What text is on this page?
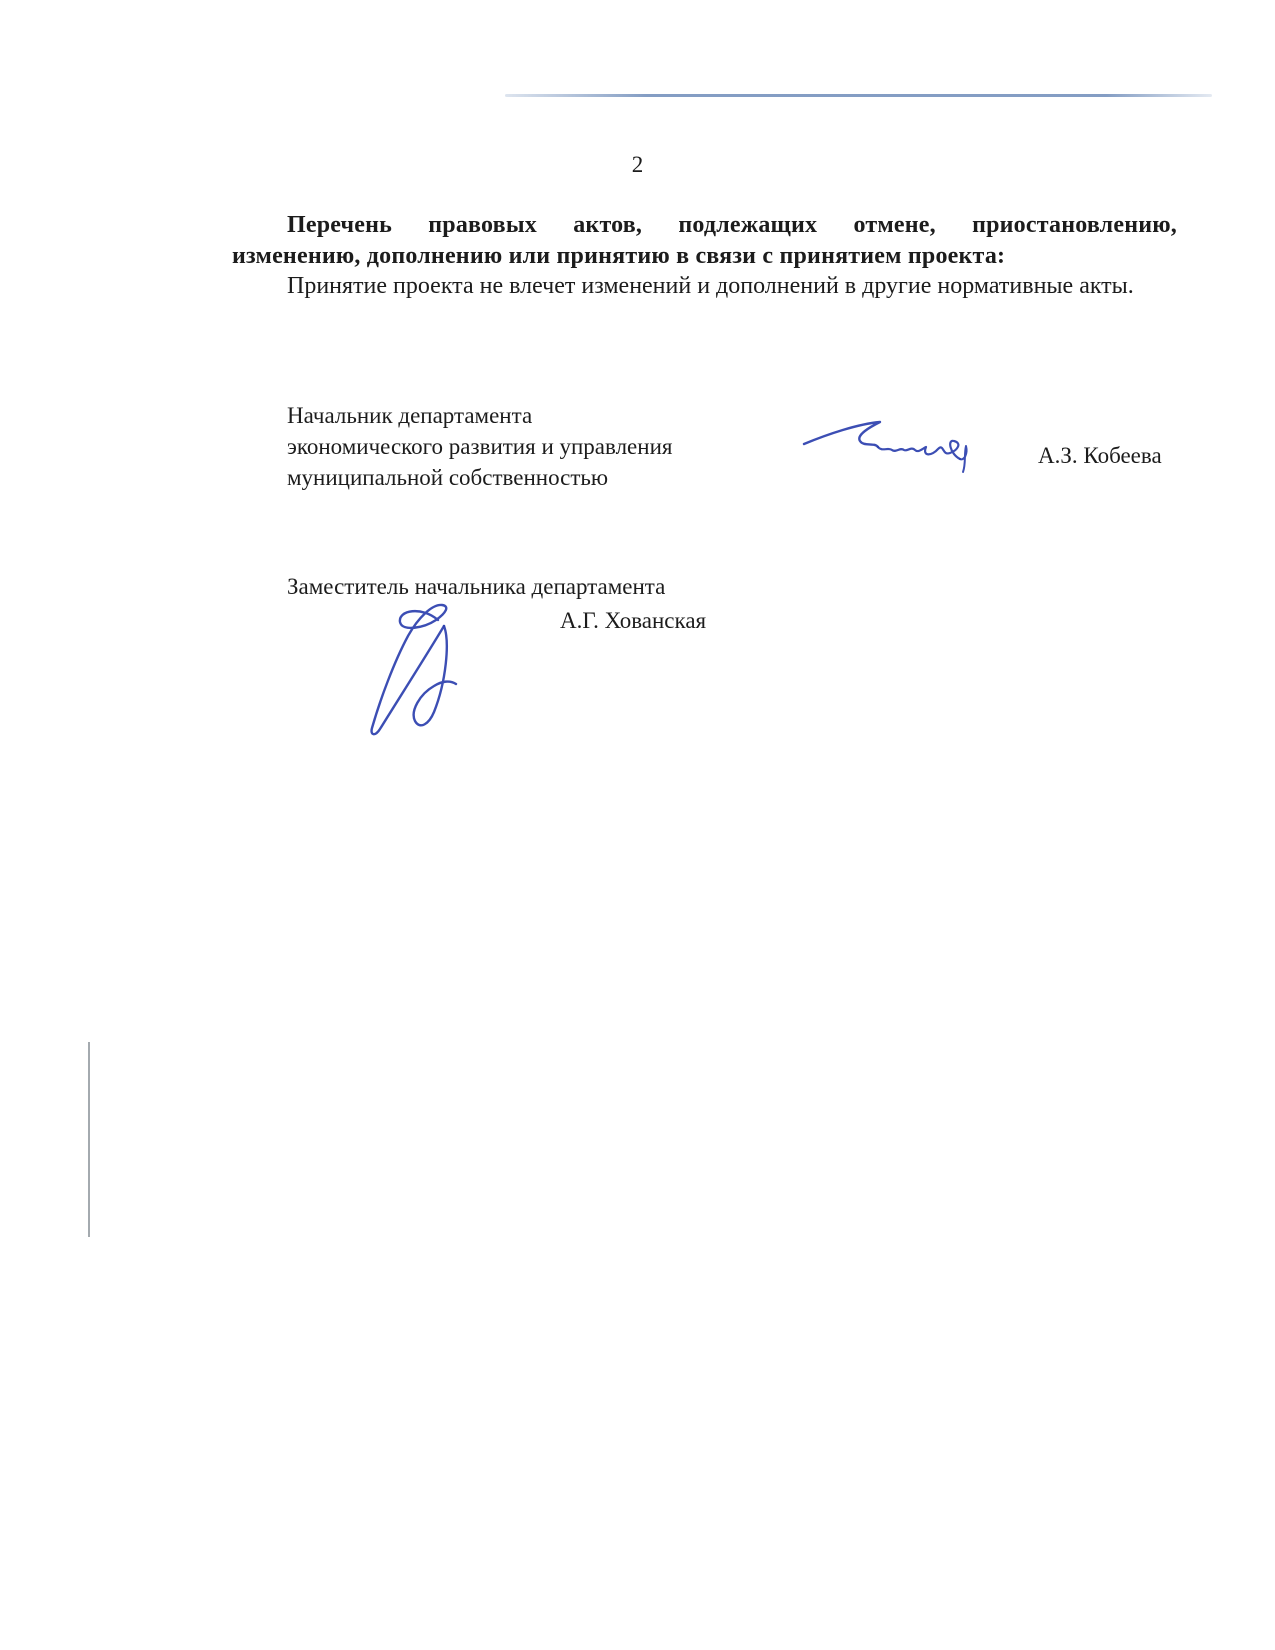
2
Перечень правовых актов, подлежащих отмене, приостановлению,
изменению, дополнению или принятию в связи с принятием проекта:
Принятие проекта не влечет изменений и дополнений в другие нормативные акты.
Начальник департамента
экономического развития и управления
муниципальной собственностью
А.З. Кобеева
Заместитель начальника департамента
А.Г. Хованская
